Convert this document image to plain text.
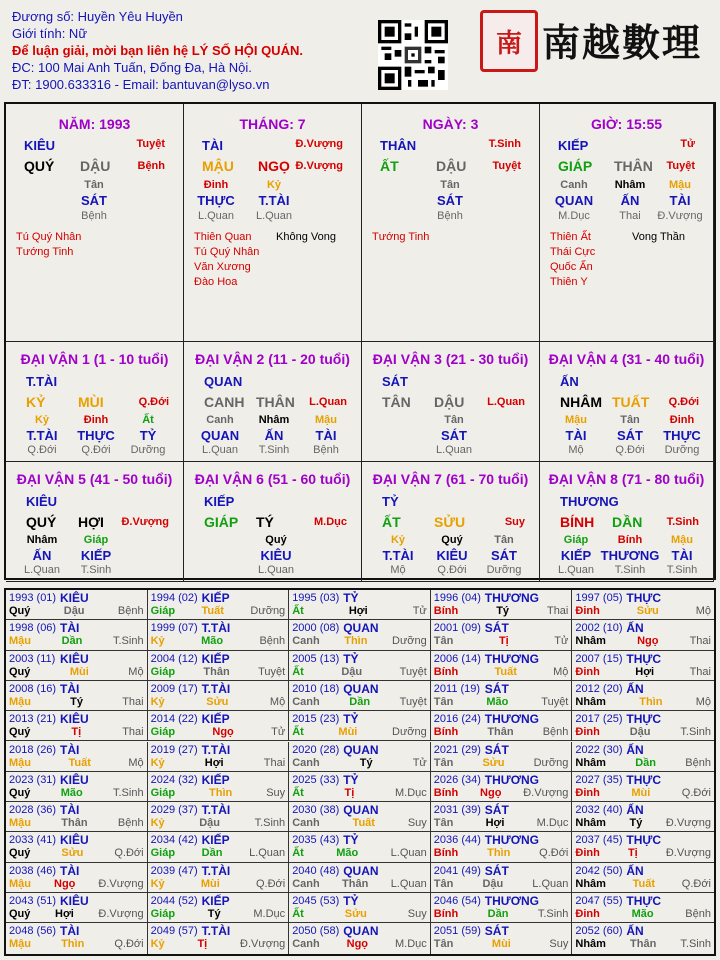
Đương số: Huyền Yêu Huyền
Giới tính: Nữ
Để luận giải, mời bạn liên hệ LÝ SỐ HỘI QUÁN.
ĐC: 100 Mai Anh Tuấn, Đống Đa, Hà Nội.
ĐT: 1900.633316 - Email: bantuvan@lyso.vn
南 南越數理
NĂM: 1993
KIÊU	Tuyệt
QUÝ DẬU Bệnh
Tân
SÁT
Bệnh
Tú Quý Nhân
Tướng Tinh
THÁNG: 7
TÀI	Đ.Vượng
MẬU NGỌ Đ.Vượng
Đinh
THỰC
L.Quan
Kỷ
T.TÀI
L.Quan
Thiên Quan
Tú Quý Nhân
Văn Xương
Đào Hoa
Không Vong
NGÀY: 3
THÂN	T.Sinh
ẤT	DẬU Tuyệt
Tân
SÁT
Bệnh
Tướng Tinh
GIỜ: 15:55
KIẾP	Tử
GIÁP THÂN Tuyệt
Canh
QUAN
M.Dục
Nhâm
ẤN
Thai
Mậu
TÀI
Đ.Vượng
Thiên Ất
Thái Cực
Quốc Ấn
Thiên Y
Vong Thần
ĐẠI VẬN 1 (1 - 10 tuổi)
T.TÀI
KỶ MÙI	Q.Đới
Kỷ
T.TÀI
Q.Đới
Đinh
THỰC
Q.Đới
Ất
TỶ
Dưỡng
ĐẠI VẬN 2 (11 - 20 tuổi)
QUAN
CANH THÂN L.Quan
Canh
QUAN
L.Quan
Nhâm
ẤN
T.Sinh
Mậu
TÀI
Bệnh
ĐẠI VẬN 3 (21 - 30 tuổi)
SÁT
TÂN DẬU L.Quan
Tân
SÁT
L.Quan
ĐẠI VẬN 4 (31 - 40 tuổi)
ẤN
NHÂM TUẤT Q.Đới
Mậu
TÀI
Mộ
Tân
SÁT
Q.Đới
Đinh
THỰC
Dưỡng
ĐẠI VẬN 5 (41 - 50 tuổi)
KIÊU
QUÝ HỢI Đ.Vượng
Nhâm
ẤN
L.Quan
Giáp
KIẾP
T.Sinh
ĐẠI VẬN 6 (51 - 60 tuổi)
KIẾP
GIÁP TÝ	M.Dục
Quý
KIÊU
L.Quan
ĐẠI VẬN 7 (61 - 70 tuổi)
TỶ
ẤT SỬU	Suy
Kỷ
T.TÀI
Mộ
Quý
KIÊU
Q.Đới
Tân
SÁT
Dưỡng
ĐẠI VẬN 8 (71 - 80 tuổi)
THƯƠNG
BÍNH DẦN T.Sinh
Giáp
KIẾP
L.Quan
Bính
THƯƠNG
T.Sinh
Mậu
TÀI
T.Sinh
1993 (01) KIÊU
Quý	Dậu	Bệnh
1994 (02) KIẾP
Giáp Tuất Dưỡng
1995 (03) TỶ
Ất	Hợi	Tử
1996 (04) THƯƠNG
Bính	Tý	Thai
1997 (05) THỰC
Đinh	Sửu	Mộ
1998 (06) TÀI
Mậu	Dần	T.Sinh
1999 (07) T.TÀI
Kỷ	Mão	Bệnh
2000 (08) QUAN
Canh Thìn Dưỡng
2001 (09) SÁT
Tân	Tị	Tử
2002 (10) ẤN
Nhâm	Ngọ	Thai
2003 (11) KIÊU
Quý	Mùi	Mộ
2004 (12) KIẾP
Giáp	Thân	Tuyệt
2005 (13) TỶ
Ất	Dậu	Tuyệt
2006 (14) THƯƠNG
Bính	Tuất	Mộ
2007 (15) THỰC
Đinh	Hợi	Thai
2008 (16) TÀI
Mậu	Tý	Thai
2009 (17) T.TÀI
Kỷ	Sửu	Mộ
2010 (18) QUAN
Canh	Dần	Tuyệt
2011 (19) SÁT
Tân	Mão	Tuyệt
2012 (20) ẤN
Nhâm	Thìn	Mộ
2013 (21) KIÊU
Quý	Tị	Thai
2014 (22) KIẾP
Giáp	Ngọ	Tử
2015 (23) TỶ
Ất	Mùi	Dưỡng
2016 (24) THƯƠNG
Bính	Thân	Bệnh
2017 (25) THỰC
Đinh	Dậu	T.Sinh
2018 (26) TÀI
Mậu	Tuất	Mộ
2019 (27) T.TÀI
Kỷ	Hợi	Thai
2020 (28) QUAN
Canh	Tý	Tử
2021 (29) SÁT
Tân	Sửu	Dưỡng
2022 (30) ẤN
Nhâm	Dần	Bệnh
2023 (31) KIÊU
Quý	Mão	T.Sinh
2024 (32) KIẾP
Giáp	Thìn	Suy
2025 (33) TỶ
Ất	Tị	M.Dục
2026 (34) THƯƠNG
Bính Ngọ Đ.Vượng
2027 (35) THỰC
Đinh	Mùi	Q.Đới
2028 (36) TÀI
Mậu	Thân	Bệnh
2029 (37) T.TÀI
Kỷ	Dậu	T.Sinh
2030 (38) QUAN
Canh	Tuất	Suy
2031 (39) SÁT
Tân	Hợi	M.Dục
2032 (40) ẤN
Nhâm Tý Đ.Vượng
2033 (41) KIÊU
Quý	Sửu	Q.Đới
2034 (42) KIẾP
Giáp Dần L.Quan
2035 (43) TỶ
Ất	Mão	L.Quan
2036 (44) THƯƠNG
Bính	Thìn	Q.Đới
2037 (45) THỰC
Đinh	Tị	Đ.Vượng
2038 (46) TÀI
Mậu Ngọ Đ.Vượng
2039 (47) T.TÀI
Kỷ	Mùi	Q.Đới
2040 (48) QUAN
Canh Thân L.Quan
2041 (49) SÁT
Tân	Dậu	L.Quan
2042 (50) ẤN
Nhâm Tuất Q.Đới
2043 (51) KIÊU
Quý Hợi Đ.Vượng
2044 (52) KIẾP
Giáp	Tý	M.Dục
2045 (53) TỶ
Ất	Sửu	Suy
2046 (54) THƯƠNG
Bính	Dần	T.Sinh
2047 (55) THỰC
Đinh	Mão	Bệnh
2048 (56) TÀI
Mậu	Thìn	Q.Đới
2049 (57) T.TÀI
Kỷ	Tị	Đ.Vượng
2050 (58) QUAN
Canh Ngọ M.Dục
2051 (59) SÁT
Tân	Mùi	Suy
2052 (60) ẤN
Nhâm Thân T.Sinh
